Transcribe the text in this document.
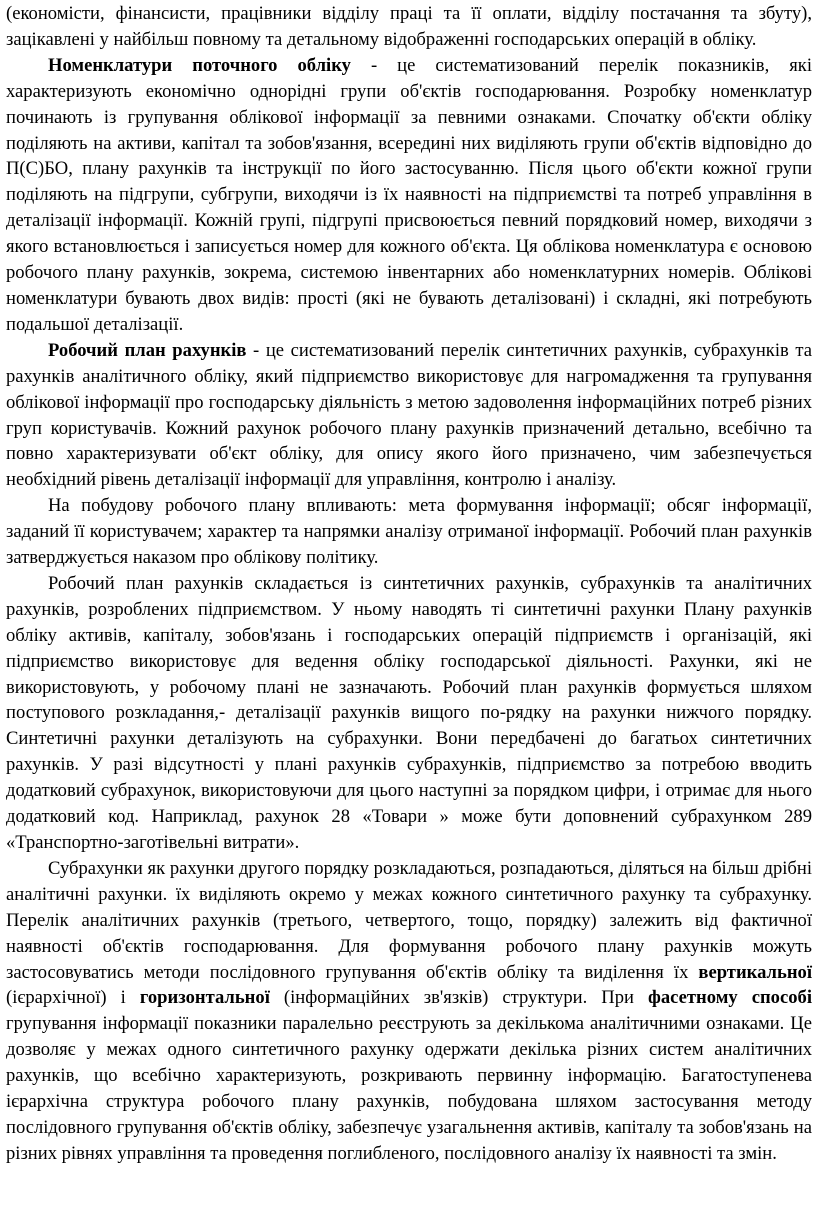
(економісти, фінансисти, працівники відділу праці та її оплати, відділу постачання та збуту), зацікавлені у найбільш повному та детальному відображенні господарських операцій в обліку.

Номенклатури поточного обліку - це систематизований перелік показників, які характеризують економічно однорідні групи об'єктів господарювання. Розробку номенклатур починають із групування облікової інформації за певними ознаками. Спочатку об'єкти обліку поділяють на активи, капітал та зобов'язання, всередині них виділяють групи об'єктів відповідно до П(С)БО, плану рахунків та інструкції по його застосуванню. Після цього об'єкти кожної групи поділяють на підгрупи, субгрупи, виходячи із їх наявності на підприємстві та потреб управління в деталізації інформації. Кожній групі, підгрупі присвоюється певний порядковий номер, виходячи з якого встановлюється і записується номер для кожного об'єкта. Ця облікова номенклатура є основою робочого плану рахунків, зокрема, системою інвентарних або номенклатурних номерів. Облікові номенклатури бувають двох видів: прості (які не бувають деталізовані) і складні, які потребують подальшої деталізації.

Робочий план рахунків - це систематизований перелік синтетичних рахунків, субрахунків та рахунків аналітичного обліку, який підприємство використовує для нагромадження та групування облікової інформації про господарську діяльність з метою задоволення інформаційних потреб різних груп користувачів. Кожний рахунок робочого плану рахунків призначений детально, всебічно та повно характеризувати об'єкт обліку, для опису якого його призначено, чим забезпечується необхідний рівень деталізації інформації для управління, контролю і аналізу.

На побудову робочого плану впливають: мета формування інформації; обсяг інформації, заданий її користувачем; характер та напрямки аналізу отриманої інформації. Робочий план рахунків затверджується наказом про облікову політику.

Робочий план рахунків складається із синтетичних рахунків, субрахунків та аналітичних рахунків, розроблених підприємством. У ньому наводять ті синтетичні рахунки Плану рахунків обліку активів, капіталу, зобов'язань і господарських операцій підприємств і організацій, які підприємство використовує для ведення обліку господарської діяльності. Рахунки, які не використовують, у робочому плані не зазначають. Робочий план рахунків формується шляхом поступового розкладання,- деталізації рахунків вищого по-рядку на рахунки нижчого порядку. Синтетичні рахунки деталізують на субрахунки. Вони передбачені до багатьох синтетичних рахунків. У разі відсутності у плані рахунків субрахунків, підприємство за потребою вводить додатковий субрахунок, використовуючи для цього наступні за порядком цифри, і отримає для нього додатковий код. Наприклад, рахунок 28 «Товари » може бути доповнений субрахунком 289 «Транспортно-заготівельні витрати».

Субрахунки як рахунки другого порядку розкладаються, розпадаються, діляться на більш дрібні аналітичні рахунки. їх виділяють окремо у межах кожного синтетичного рахунку та субрахунку. Перелік аналітичних рахунків (третього, четвертого, тощо, порядку) залежить від фактичної наявності об'єктів господарювання. Для формування робочого плану рахунків можуть застосовуватись методи послідовного групування об'єктів обліку та виділення їх вертикальної (ієрархічної) і горизонтальної (інформаційних зв'язків) структури. При фасетному способі групування інформації показники паралельно реєструють за декількома аналітичними ознаками. Це дозволяє у межах одного синтетичного рахунку одержати декілька різних систем аналітичних рахунків, що всебічно характеризують, розкривають первинну інформацію. Багатоступенева ієрархічна структура робочого плану рахунків, побудована шляхом застосування методу послідовного групування об'єктів обліку, забезпечує узагальнення активів, капіталу та зобов'язань на різних рівнях управління та проведення поглибленого, послідовного аналізу їх наявності та змін.
